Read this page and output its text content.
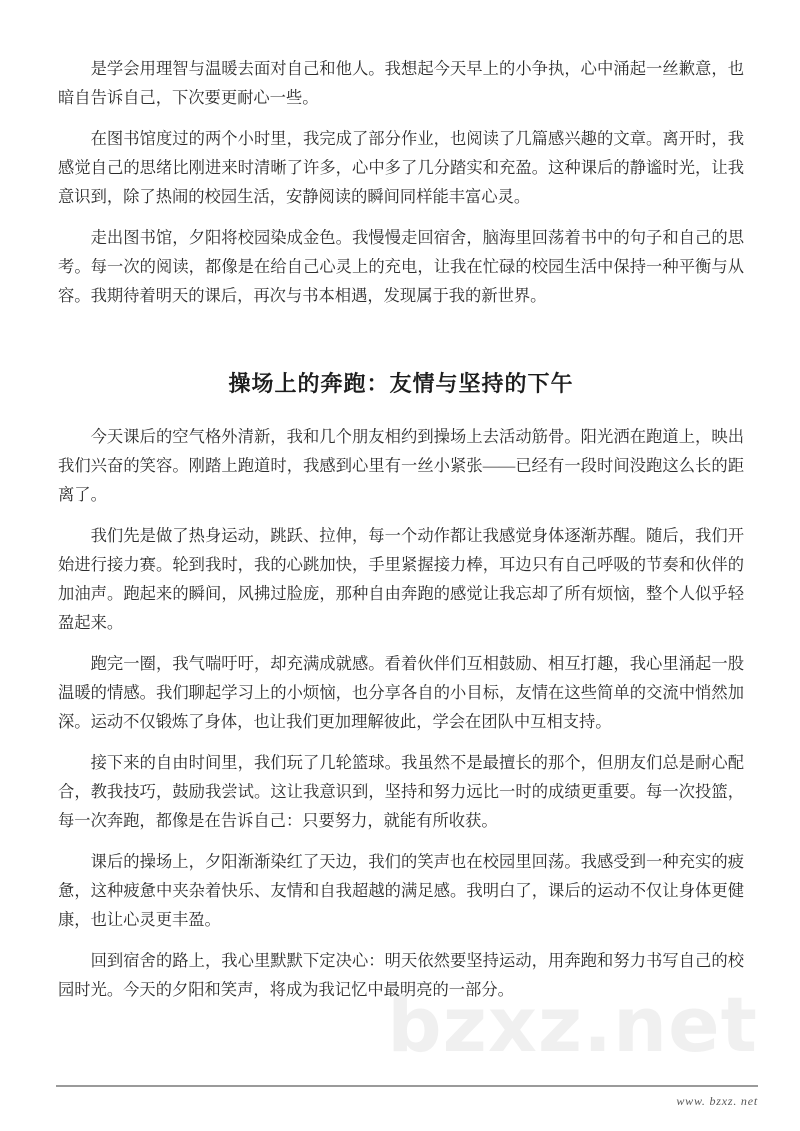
bzxz.net

是学会用理智与温暖去面对自己和他人。我想起今天早上的小争执，心中涌起一丝歉意，也暗自告诉自己，下次要更耐心一些。

在图书馆度过的两个小时里，我完成了部分作业，也阅读了几篇感兴趣的文章。离开时，我感觉自己的思绪比刚进来时清晰了许多，心中多了几分踏实和充盈。这种课后的静谧时光，让我意识到，除了热闹的校园生活，安静阅读的瞬间同样能丰富心灵。

走出图书馆，夕阳将校园染成金色。我慢慢走回宿舍，脑海里回荡着书中的句子和自己的思考。每一次的阅读，都像是在给自己心灵上的充电，让我在忙碌的校园生活中保持一种平衡与从容。我期待着明天的课后，再次与书本相遇，发现属于我的新世界。

操场上的奔跑：友情与坚持的下午

今天课后的空气格外清新，我和几个朋友相约到操场上去活动筋骨。阳光洒在跑道上，映出我们兴奋的笑容。刚踏上跑道时，我感到心里有一丝小紧张——已经有一段时间没跑这么长的距离了。

我们先是做了热身运动，跳跃、拉伸，每一个动作都让我感觉身体逐渐苏醒。随后，我们开始进行接力赛。轮到我时，我的心跳加快，手里紧握接力棒，耳边只有自己呼吸的节奏和伙伴的加油声。跑起来的瞬间，风拂过脸庞，那种自由奔跑的感觉让我忘却了所有烦恼，整个人似乎轻盈起来。

跑完一圈，我气喘吁吁，却充满成就感。看着伙伴们互相鼓励、相互打趣，我心里涌起一股温暖的情感。我们聊起学习上的小烦恼，也分享各自的小目标，友情在这些简单的交流中悄然加深。运动不仅锻炼了身体，也让我们更加理解彼此，学会在团队中互相支持。

接下来的自由时间里，我们玩了几轮篮球。我虽然不是最擅长的那个，但朋友们总是耐心配合，教我技巧，鼓励我尝试。这让我意识到，坚持和努力远比一时的成绩更重要。每一次投篮，每一次奔跑，都像是在告诉自己：只要努力，就能有所收获。

课后的操场上，夕阳渐渐染红了天边，我们的笑声也在校园里回荡。我感受到一种充实的疲惫，这种疲惫中夹杂着快乐、友情和自我超越的满足感。我明白了，课后的运动不仅让身体更健康，也让心灵更丰盈。

回到宿舍的路上，我心里默默下定决心：明天依然要坚持运动，用奔跑和努力书写自己的校园时光。今天的夕阳和笑声，将成为我记忆中最明亮的一部分。

www. bzxz. net
